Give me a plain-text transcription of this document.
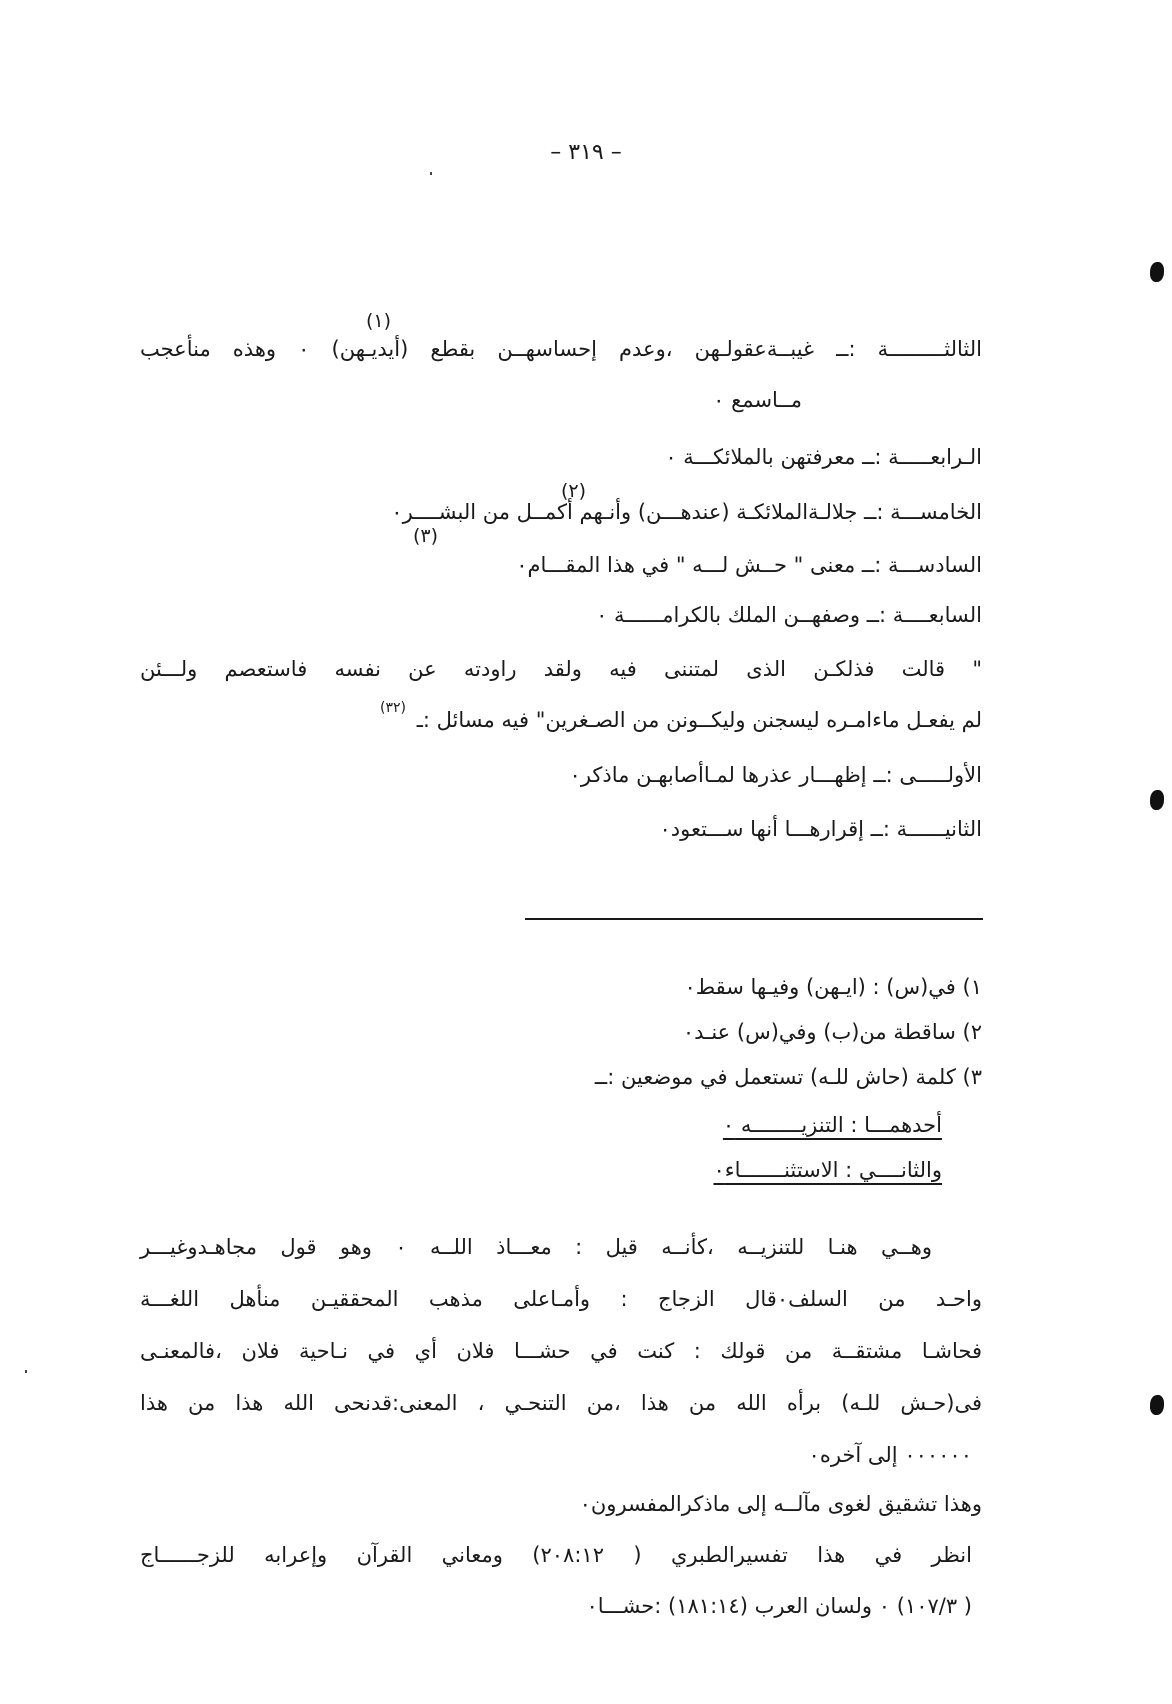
– ٣١٩ –
(١)
(٢)
(٣)
(٣٢)
الثالثـــــــــة :ــ غيبــةعقولـهن ،وعدم إحساسهــن بقطع (أيديـهن) ٠ وهذه منأعجب
مــاسمع ٠
الـرابعـــــة :ــ معرفتهن بالملائكـــة ٠
الخامســـة :ــ جلالـةالملائكـة (عندهـــن) وأنـهم أكمــل من البشــــر٠
السادســـة :ــ معنى " حــش لـــه " في هذا المقـــام٠
السابعــــة :ــ وصفهــن الملك بالكرامــــــة ٠
" قالت فذلكـن الذى لمتننى فيه ولقد راودته عن نفسه فاستعصم ولـــئن
لم يفعـل ماءامـره ليسجنن وليكــونن من الصـغرين" فيه مسائل :ـ
الأولـــــى :ــ إظهـــار عذرها لمـاأصابهـن ماذكر٠
الثانيــــــة :ــ إقرارهـــا أنها ســـتعود٠
١) في(س) : (ايـهن) وفيـها سقط٠
٢) ساقطة من(ب) وفي(س) عنـد٠
٣) كلمة (حاش للـه) تستعمل في موضعين :ــ
أحدهمـــا : التنزيــــــــه ٠
والثانــــي : الاستثنـــــــاء٠
وهــي هنـا للتنزيــه ،كأنــه قيل : معـــاذ اللــه ٠ وهو قول مجاهـدوغيـــر
واحـد من السلف٠قال الزجاج : وأمـاعلى مذهب المحققيـن منأهل اللغـــة
فحاشـا مشتقــة من قولك : كنت في حشـــا فلان أي في نـاحية فلان ،فالمعنـى
فى(حـش للـه) برأه الله من هذا ،من التنحـي ، المعنى:قدنحى الله هذا من هذا
٠٠٠٠٠٠ إلى آخره٠
وهذا تشقيق لغوى مآلــه إلى ماذكرالمفسرون٠
انظر في هذا تفسيرالطبري ( ٢٠٨:١٢) ومعاني القرآن وإعرابه للزجــــــاج
( ١٠٧/٣) ٠ ولسان العرب (١٨١:١٤) :حشـــا٠
